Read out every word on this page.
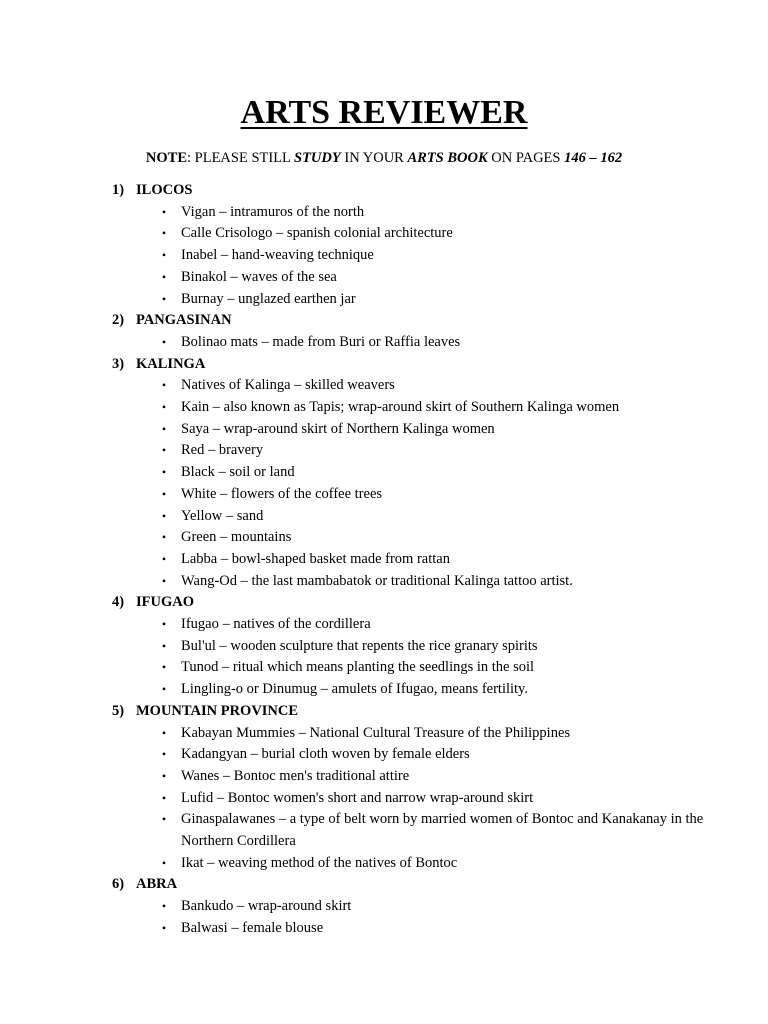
ARTS REVIEWER
NOTE: PLEASE STILL STUDY IN YOUR ARTS BOOK ON PAGES 146 – 162
1) ILOCOS
• Vigan – intramuros of the north
• Calle Crisologo – spanish colonial architecture
• Inabel – hand-weaving technique
• Binakol – waves of the sea
• Burnay – unglazed earthen jar
2) PANGASINAN
• Bolinao mats – made from Buri or Raffia leaves
3) KALINGA
• Natives of Kalinga – skilled weavers
• Kain – also known as Tapis; wrap-around skirt of Southern Kalinga women
• Saya – wrap-around skirt of Northern Kalinga women
• Red – bravery
• Black – soil or land
• White – flowers of the coffee trees
• Yellow – sand
• Green – mountains
• Labba – bowl-shaped basket made from rattan
• Wang-Od – the last mambabatok or traditional Kalinga tattoo artist.
4) IFUGAO
• Ifugao – natives of the cordillera
• Bul'ul – wooden sculpture that repents the rice granary spirits
• Tunod – ritual which means planting the seedlings in the soil
• Lingling-o or Dinumug – amulets of Ifugao, means fertility.
5) MOUNTAIN PROVINCE
• Kabayan Mummies – National Cultural Treasure of the Philippines
• Kadangyan – burial cloth woven by female elders
• Wanes – Bontoc men's traditional attire
• Lufid – Bontoc women's short and narrow wrap-around skirt
• Ginaspalawanes – a type of belt worn by married women of Bontoc and Kanakanay in the Northern Cordillera
• Ikat – weaving method of the natives of Bontoc
6) ABRA
• Bankudo – wrap-around skirt
• Balwasi – female blouse
